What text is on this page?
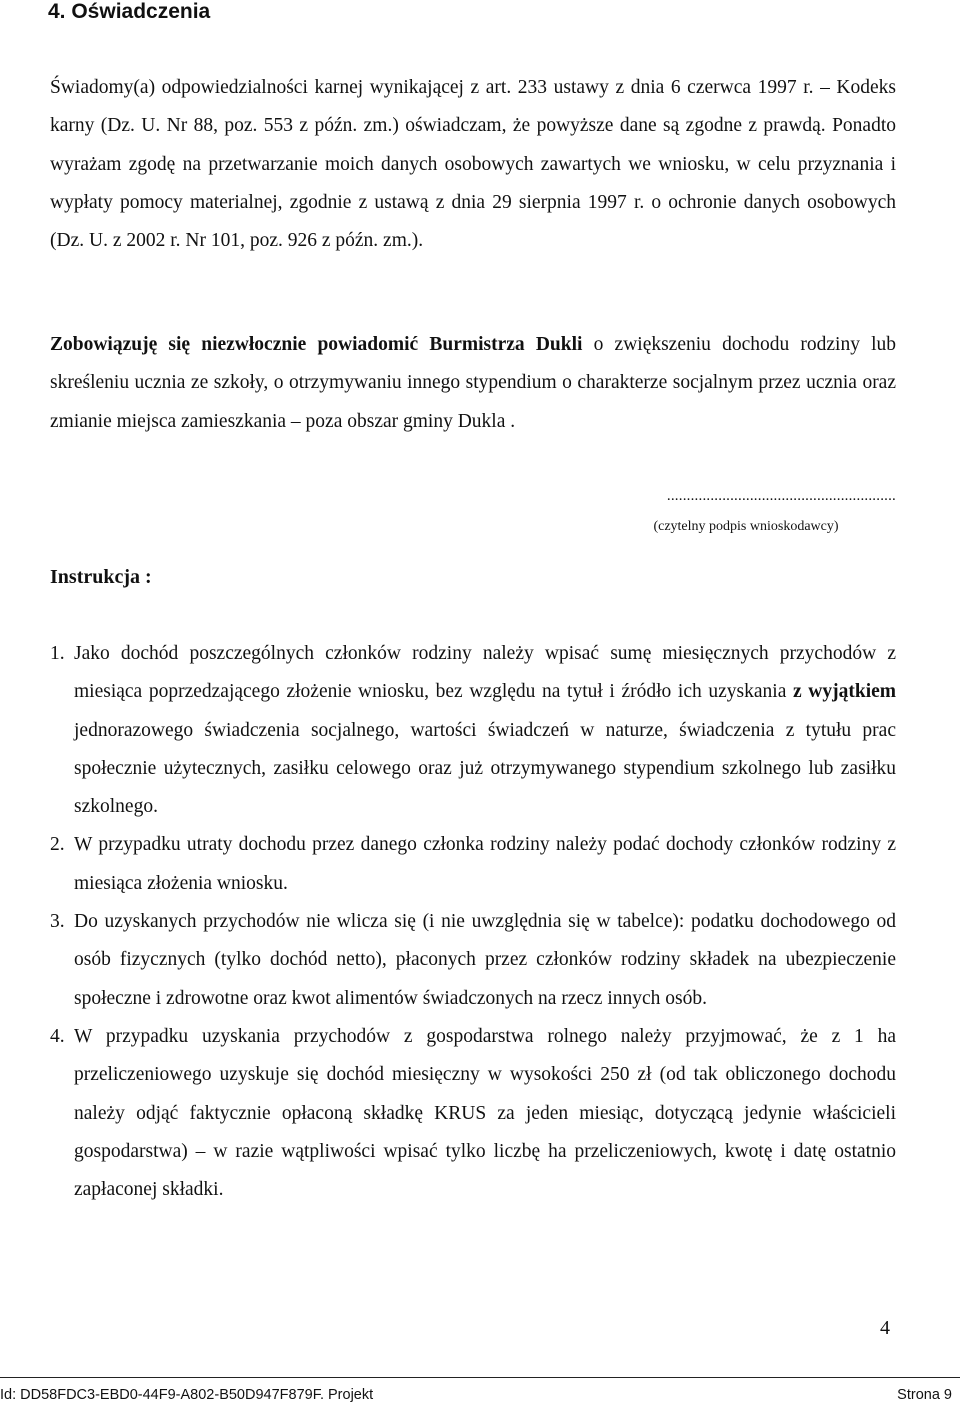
4. Oświadczenia

Świadomy(a) odpowiedzialności karnej wynikającej z art. 233 ustawy z dnia 6 czerwca 1997 r. – Kodeks karny (Dz. U. Nr 88, poz. 553 z późn. zm.) oświadczam, że powyższe dane są zgodne z prawdą. Ponadto wyrażam zgodę na przetwarzanie moich danych osobowych zawartych we wniosku, w celu przyznania i wypłaty pomocy materialnej, zgodnie z ustawą z dnia 29 sierpnia 1997 r. o ochronie danych osobowych (Dz. U. z 2002 r. Nr 101, poz. 926 z późn. zm.).

Zobowiązuję się niezwłocznie powiadomić Burmistrza Dukli o zwiększeniu dochodu rodziny lub skreśleniu ucznia ze szkoły, o otrzymywaniu innego stypendium o charakterze socjalnym przez ucznia oraz zmianie miejsca zamieszkania – poza obszar gminy Dukla .

..........................................................
(czytelny podpis wnioskodawcy)
Instrukcja :
1. Jako dochód poszczególnych członków rodziny należy wpisać sumę miesięcznych przychodów z miesiąca poprzedzającego złożenie wniosku, bez względu na tytuł i źródło ich uzyskania z wyjątkiem jednorazowego świadczenia socjalnego, wartości świadczeń w naturze, świadczenia z tytułu prac społecznie użytecznych, zasiłku celowego oraz już otrzymywanego stypendium szkolnego lub zasiłku szkolnego.
2. W przypadku utraty dochodu przez danego członka rodziny należy podać dochody członków rodziny z miesiąca złożenia wniosku.
3. Do uzyskanych przychodów nie wlicza się (i nie uwzględnia się w tabelce): podatku dochodowego od osób fizycznych (tylko dochód netto), płaconych przez członków rodziny składek na ubezpieczenie społeczne i zdrowotne oraz kwot alimentów świadczonych na rzecz innych osób.
4. W przypadku uzyskania przychodów z gospodarstwa rolnego należy przyjmować, że z 1 ha przeliczeniowego uzyskuje się dochód miesięczny w wysokości 250 zł (od tak obliczonego dochodu należy odjąć faktycznie opłaconą składkę KRUS za jeden miesiąc, dotyczącą jedynie właścicieli gospodarstwa) – w razie wątpliwości wpisać tylko liczbę ha przeliczeniowych, kwotę i datę ostatnio zapłaconej składki.
4
Id: DD58FDC3-EBD0-44F9-A802-B50D947F879F. Projekt	Strona 9
